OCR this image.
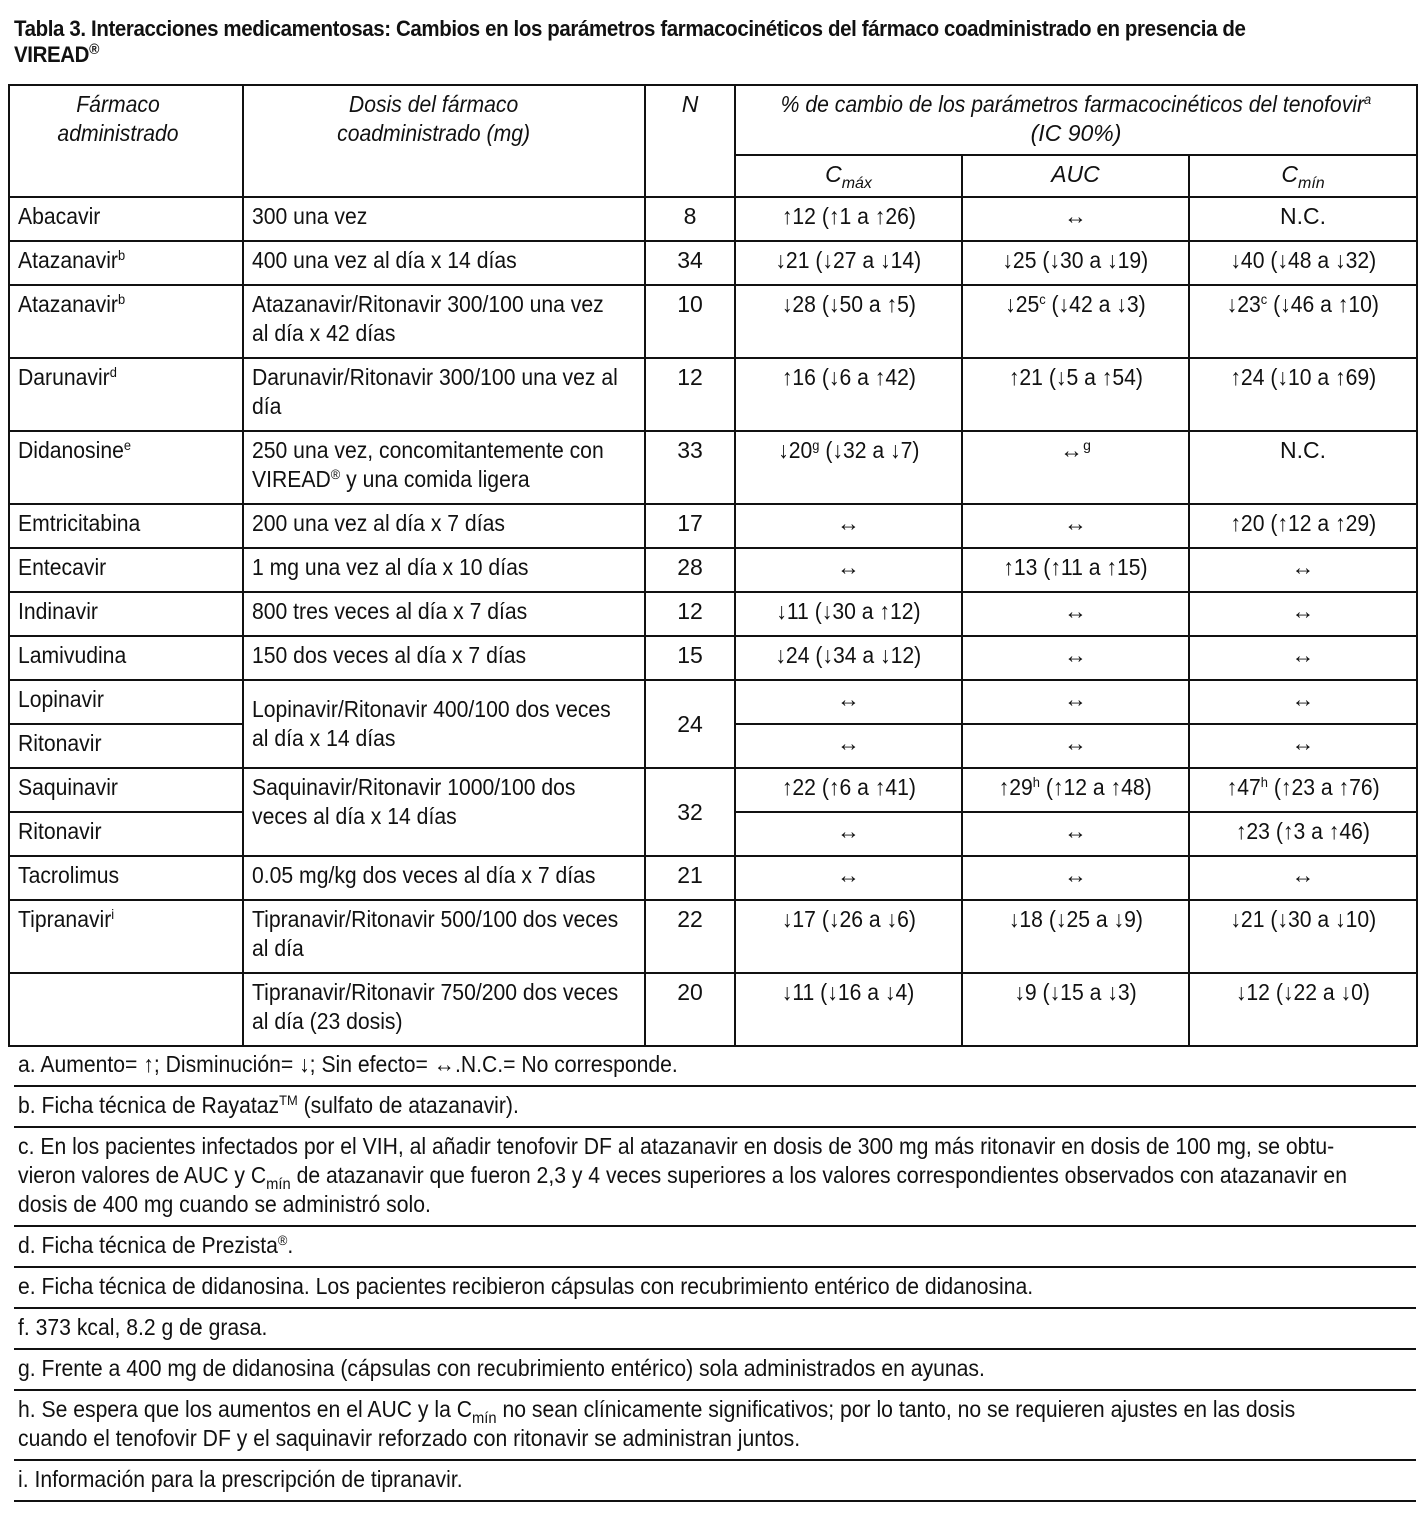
Tabla 3. Interacciones medicamentosas: Cambios en los parámetros farmacocinéticos del fármaco coadministrado en presencia de
VIREAD®
Fármaco administrado	Dosis del fármaco coadministrado (mg)	N	% de cambio de los parámetros farmacocinéticos del tenofovir$^a$
(IC 90%)		
			$C_{máx}$	AUC	$C_{mín}$
Abacavir	300 una vez	8	↑12 (↑1 a ↑26)	↔	N.C.
Atazanavir$^b$	400 una vez al día x 14 días	34	↓21 (↓27 a ↓14)	↓25 (↓30 a ↓19)	↓40 (↓48 a ↓32)
Atazanavir$^b$	Atazanavir/Ritonavir 300/100 una vez
al día x 42 días	10	↓28 (↓50 a ↑5)	↓25$^c$ (↓42 a ↓3)	↓23$^c$ (↓46 a ↑10)
Darunavir$^d$	Darunavir/Ritonavir 300/100 una vez al
día	12	↑16 (↓6 a ↑42)	↑21 (↓5 a ↑54)	↑24 (↓10 a ↑69)
Didanosine$^e$	250 una vez, concomitantemente con
VIREAD® y una comida ligera	33	↓20$^g$ (↓32 a ↓7)	↔$^g$	N.C.
Emtricitabina	200 una vez al día x 7 días	17	↔	↔	↑20 (↑12 a ↑29)
Entecavir	1 mg una vez al día x 10 días	28	↔	↑13 (↑11 a ↑15)	↔
Indinavir	800 tres veces al día x 7 días	12	↓11 (↓30 a ↑12)	↔	↔
Lamivudina	150 dos veces al día x 7 días	15	↓24 (↓34 a ↓12)	↔	↔
Lopinavir	Lopinavir/Ritonavir 400/100 dos veces
al día x 14 días	24	↔	↔	↔
Ritonavir			↔	↔	↔
Saquinavir	Saquinavir/Ritonavir 1000/100 dos
veces al día x 14 días	32	↑22 (↑6 a ↑41)	↑29$^h$ (↑12 a ↑48)	↑47$^h$ (↑23 a ↑76)
Ritonavir			↔	↔	↑23 (↑3 a ↑46)
Tacrolimus	0.05 mg/kg dos veces al día x 7 días	21	↔	↔	↔
Tipranavir$^i$	Tipranavir/Ritonavir 500/100 dos veces
al día	22	↓17 (↓26 a ↓6)	↓18 (↓25 a ↓9)	↓21 (↓30 a ↓10)
	Tipranavir/Ritonavir 750/200 dos veces
al día (23 dosis)	20	↓11 (↓16 a ↓4)	↓9 (↓15 a ↓3)	↓12 (↓22 a ↓0)
a. Aumento= ↑; Disminución= ↓; Sin efecto= ↔.N.C.= No corresponde.
b. Ficha técnica de Rayataz™ (sulfato de atazanavir).
c. En los pacientes infectados por el VIH, al añadir tenofovir DF al atazanavir en dosis de 300 mg más ritonavir en dosis de 100 mg, se obtu-
vieron valores de AUC y $C_{mín}$ de atazanavir que fueron 2,3 y 4 veces superiores a los valores correspondientes observados con atazanavir en
dosis de 400 mg cuando se administró solo.
d. Ficha técnica de Prezista®.
e. Ficha técnica de didanosina. Los pacientes recibieron cápsulas con recubrimiento entérico de didanosina.
f. 373 kcal, 8.2 g de grasa.
g. Frente a 400 mg de didanosina (cápsulas con recubrimiento entérico) sola administrados en ayunas.
h. Se espera que los aumentos en el AUC y la $C_{mín}$ no sean clínicamente significativos; por lo tanto, no se requieren ajustes en las dosis
cuando el tenofovir DF y el saquinavir reforzado con ritonavir se administran juntos.
i. Información para la prescripción de tipranavir.
